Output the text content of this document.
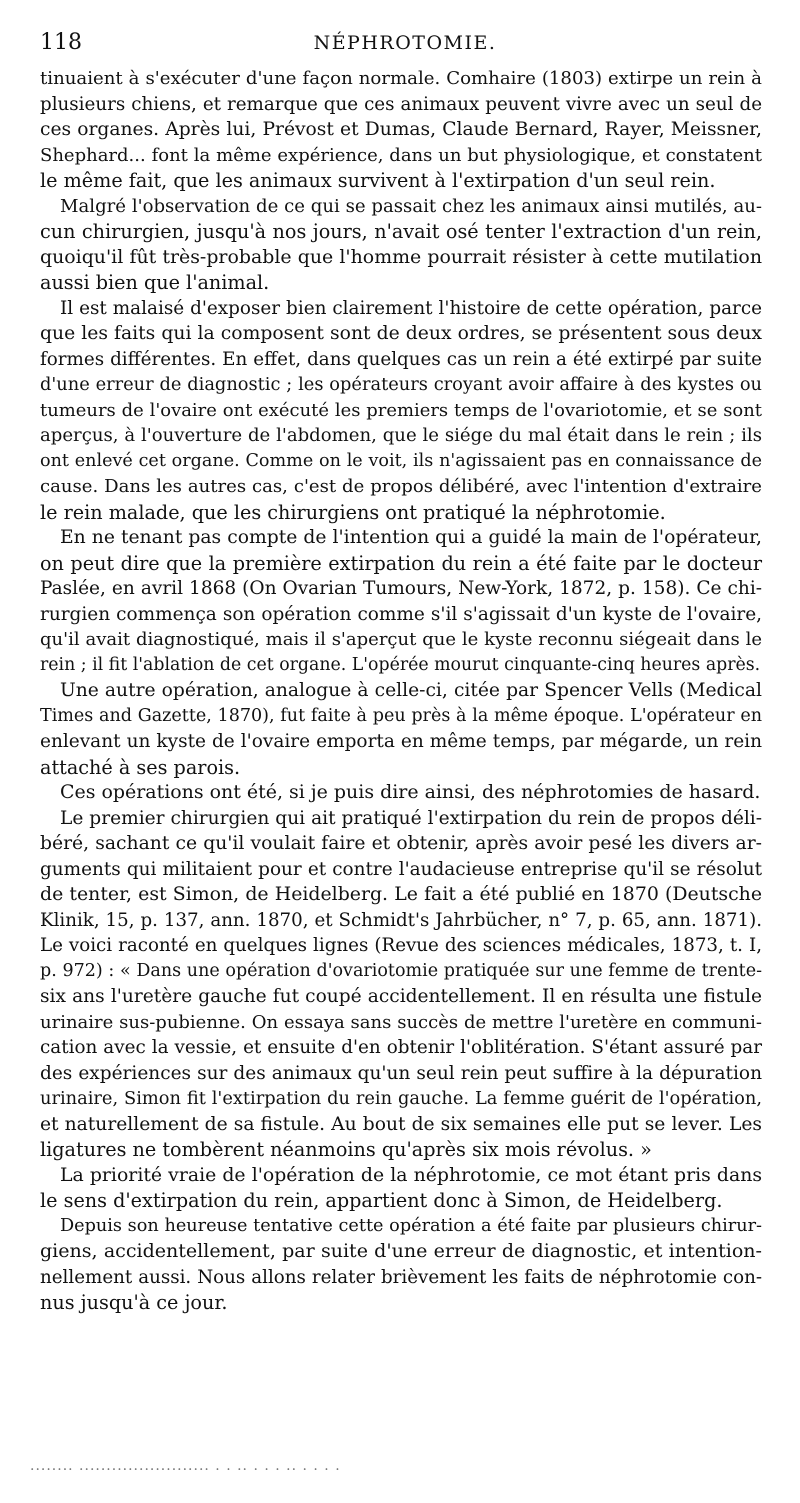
118	NÉPHROTOMIE.

tinuaient à s'exécuter d'une façon normale. Comhaire (1803) extirpe un rein à
plusieurs chiens, et remarque que ces animaux peuvent vivre avec un seul de
ces organes. Après lui, Prévost et Dumas, Claude Bernard, Rayer, Meissner,
Shephard... font la même expérience, dans un but physiologique, et constatent
le même fait, que les animaux survivent à l'extirpation d'un seul rein.

Malgré l'observation de ce qui se passait chez les animaux ainsi mutilés, au-
cun chirurgien, jusqu'à nos jours, n'avait osé tenter l'extraction d'un rein,
quoiqu'il fût très-probable que l'homme pourrait résister à cette mutilation
aussi bien que l'animal.

Il est malaisé d'exposer bien clairement l'histoire de cette opération, parce
que les faits qui la composent sont de deux ordres, se présentent sous deux
formes différentes. En effet, dans quelques cas un rein a été extirpé par suite
d'une erreur de diagnostic ; les opérateurs croyant avoir affaire à des kystes ou
tumeurs de l'ovaire ont exécuté les premiers temps de l'ovariotomie, et se sont
aperçus, à l'ouverture de l'abdomen, que le siége du mal était dans le rein ; ils
ont enlevé cet organe. Comme on le voit, ils n'agissaient pas en connaissance de
cause. Dans les autres cas, c'est de propos délibéré, avec l'intention d'extraire
le rein malade, que les chirurgiens ont pratiqué la néphrotomie.

En ne tenant pas compte de l'intention qui a guidé la main de l'opérateur,
on peut dire que la première extirpation du rein a été faite par le docteur
Paslée, en avril 1868 (On Ovarian Tumours, New-York, 1872, p. 158). Ce chi-
rurgien commença son opération comme s'il s'agissait d'un kyste de l'ovaire,
qu'il avait diagnostiqué, mais il s'aperçut que le kyste reconnu siégeait dans le
rein ; il fit l'ablation de cet organe. L'opérée mourut cinquante-cinq heures après.

Une autre opération, analogue à celle-ci, citée par Spencer Vells (Medical
Times and Gazette, 1870), fut faite à peu près à la même époque. L'opérateur en
enlevant un kyste de l'ovaire emporta en même temps, par mégarde, un rein
attaché à ses parois.

Ces opérations ont été, si je puis dire ainsi, des néphrotomies de hasard.

Le premier chirurgien qui ait pratiqué l'extirpation du rein de propos déli-
béré, sachant ce qu'il voulait faire et obtenir, après avoir pesé les divers ar-
guments qui militaient pour et contre l'audacieuse entreprise qu'il se résolut
de tenter, est Simon, de Heidelberg. Le fait a été publié en 1870 (Deutsche
Klinik, 15, p. 137, ann. 1870, et Schmidt's Jahrbücher, n° 7, p. 65, ann. 1871).
Le voici raconté en quelques lignes (Revue des sciences médicales, 1873, t. I,
p. 972) : « Dans une opération d'ovariotomie pratiquée sur une femme de trente-
six ans l'uretère gauche fut coupé accidentellement. Il en résulta une fistule
urinaire sus-pubienne. On essaya sans succès de mettre l'uretère en communi-
cation avec la vessie, et ensuite d'en obtenir l'oblitération. S'étant assuré par
des expériences sur des animaux qu'un seul rein peut suffire à la dépuration
urinaire, Simon fit l'extirpation du rein gauche. La femme guérit de l'opération,
et naturellement de sa fistule. Au bout de six semaines elle put se lever. Les
ligatures ne tombèrent néanmoins qu'après six mois révolus. »

La priorité vraie de l'opération de la néphrotomie, ce mot étant pris dans
le sens d'extirpation du rein, appartient donc à Simon, de Heidelberg.

Depuis son heureuse tentative cette opération a été faite par plusieurs chirur-
giens, accidentellement, par suite d'une erreur de diagnostic, et intention-
nellement aussi. Nous allons relater brièvement les faits de néphrotomie con-
nus jusqu'à ce jour.

········ ························ · · ·· · · · ·· · · · ·
